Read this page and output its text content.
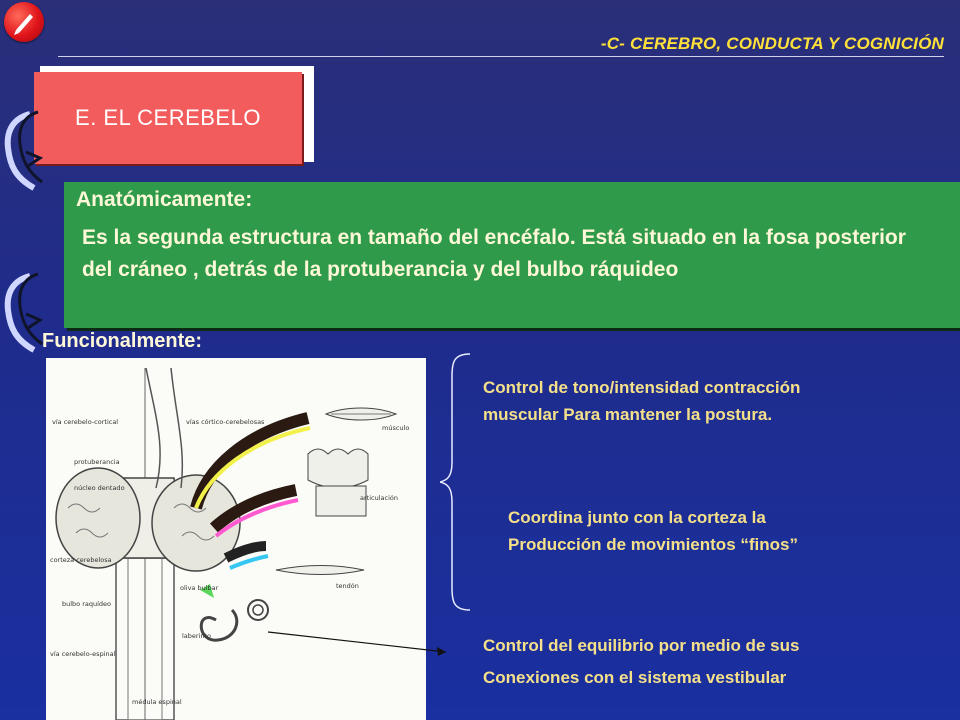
-C- CEREBRO, CONDUCTA Y COGNICIÓN
E. EL CEREBELO
Anatómicamente:
Es la segunda estructura en tamaño del encéfalo. Está situado en la fosa posterior del cráneo , detrás de la protuberancia y del bulbo ráquideo
Funcionalmente:
vía cerebelo-cortical	vías córtico-cerebelosas
protuberancia
núcleo dentado
corteza cerebelosa
bulbo raquídeo
vía cerebelo-espinal
médula espinal
oliva bulbar
laberinto
músculo
articulación
tendón
Control de tono/intensidad contracción
muscular Para mantener la postura.
Coordina junto con la corteza la
Producción de movimientos “finos”
Control del equilibrio por medio de sus
Conexiones con el sistema vestibular
